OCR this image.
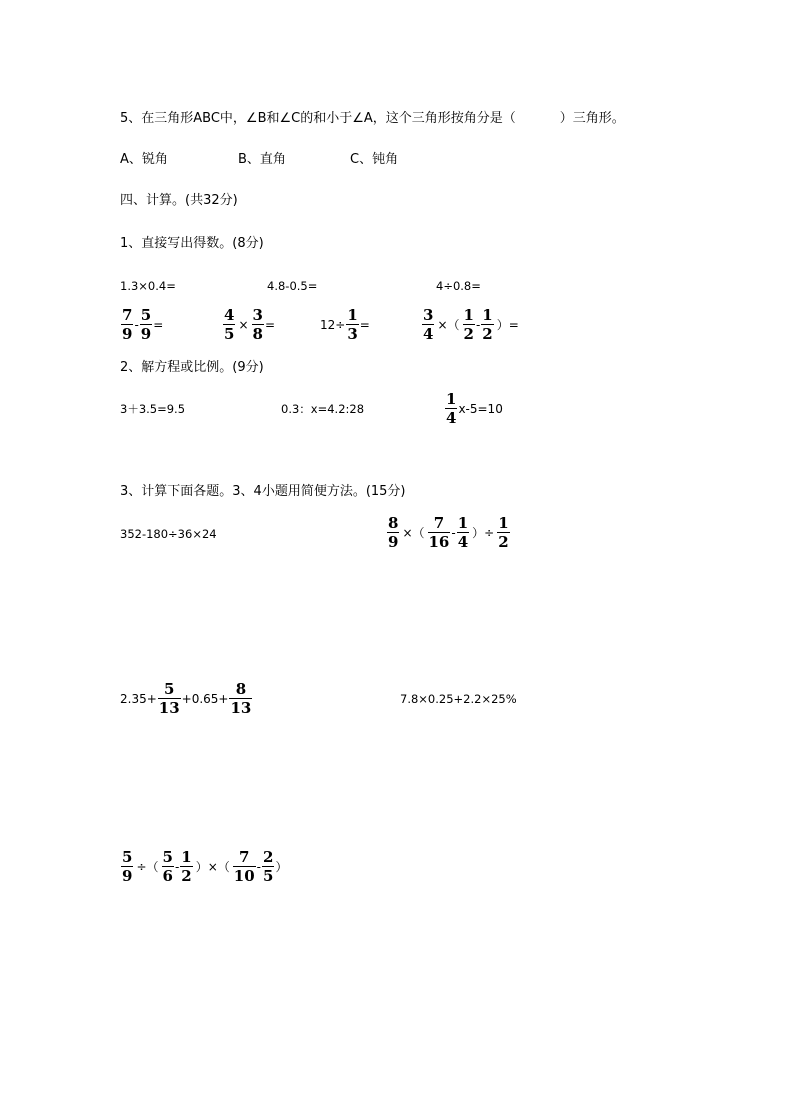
5、在三角形ABC中，∠B和∠C的和小于∠A，这个三角形按角分是（	）三角形。
A、锐角	B、直角	C、钝角
四、计算。(共32分)
1、直接写出得数。(8分)
1.3×0.4=	4.8-0.5=	4÷0.8=
$\frac{7}{9} - \frac{5}{9}$ =	$\frac{4}{5} \times \frac{3}{8}$ =	$12\div \frac{1}{3}$ =	$\frac{3}{4}$ ×（ $\frac{1}{2} - \frac{1}{2}$ ）=
2、解方程或比例。(9分)
3＋3.5=9.5	0.3：x=4.2:28	$\frac{1}{4} x-5=10$
3、计算下面各题。3、4小题用简便方法。(15分)
352-180÷36×24	$\frac{8}{9}$ ×（ $\frac{7}{16} - \frac{1}{4}$ ）÷ $\frac{1}{2}$
$2.35+ \frac{5}{13} +0.65+ \frac{8}{13}$	7.8×0.25+2.2×25%
$\frac{5}{9}$ ÷（ $\frac{5}{6} - \frac{1}{2}$ ）×（ $\frac{7}{10} - \frac{2}{5}$ ）
